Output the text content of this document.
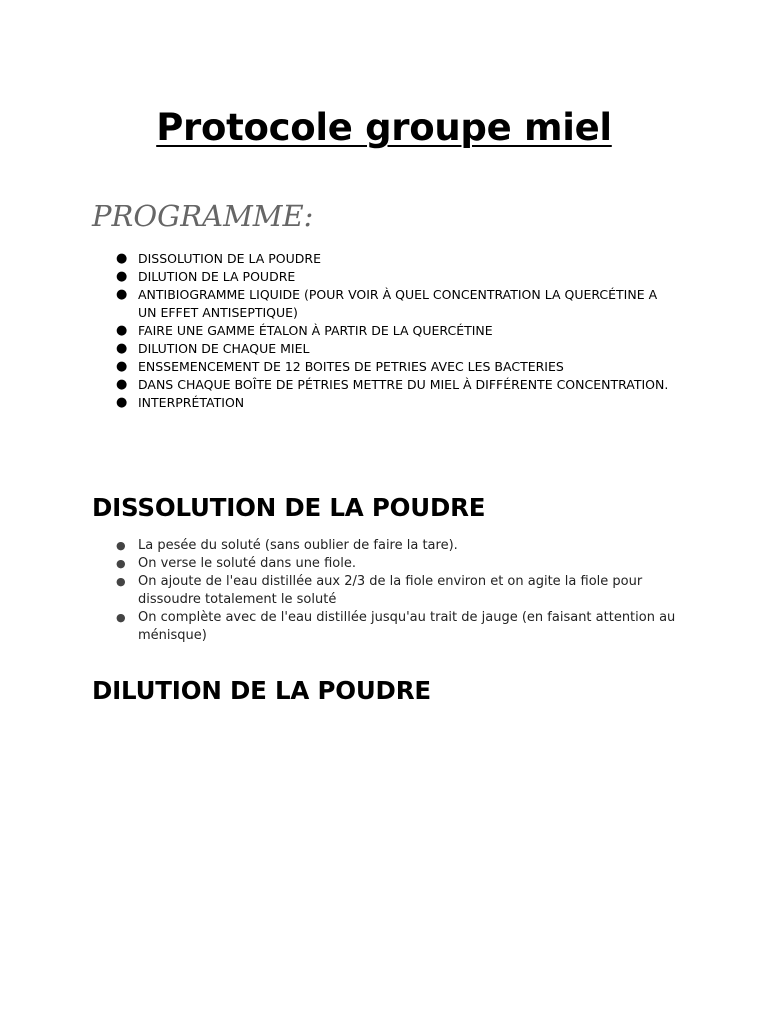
Protocole groupe miel
PROGRAMME:
● DISSOLUTION DE LA POUDRE
● DILUTION DE LA POUDRE
● ANTIBIOGRAMME LIQUIDE (POUR VOIR À QUEL CONCENTRATION LA QUERCÉTINE A UN EFFET ANTISEPTIQUE)
● FAIRE UNE GAMME ÉTALON À PARTIR DE LA QUERCÉTINE
● DILUTION DE CHAQUE MIEL
● ENSSEMENCEMENT DE 12 BOITES DE PETRIES AVEC LES BACTERIES
● DANS CHAQUE BOÎTE DE PÉTRIES METTRE DU MIEL À DIFFÉRENTE CONCENTRATION.
● INTERPRÉTATION
DISSOLUTION DE LA POUDRE
● La pesée du soluté (sans oublier de faire la tare).
● On verse le soluté dans une fiole.
● On ajoute de l'eau distillée aux 2/3 de la fiole environ et on agite la fiole pour dissoudre totalement le soluté
● On complète avec de l'eau distillée jusqu'au trait de jauge (en faisant attention au ménisque)
DILUTION DE LA POUDRE
